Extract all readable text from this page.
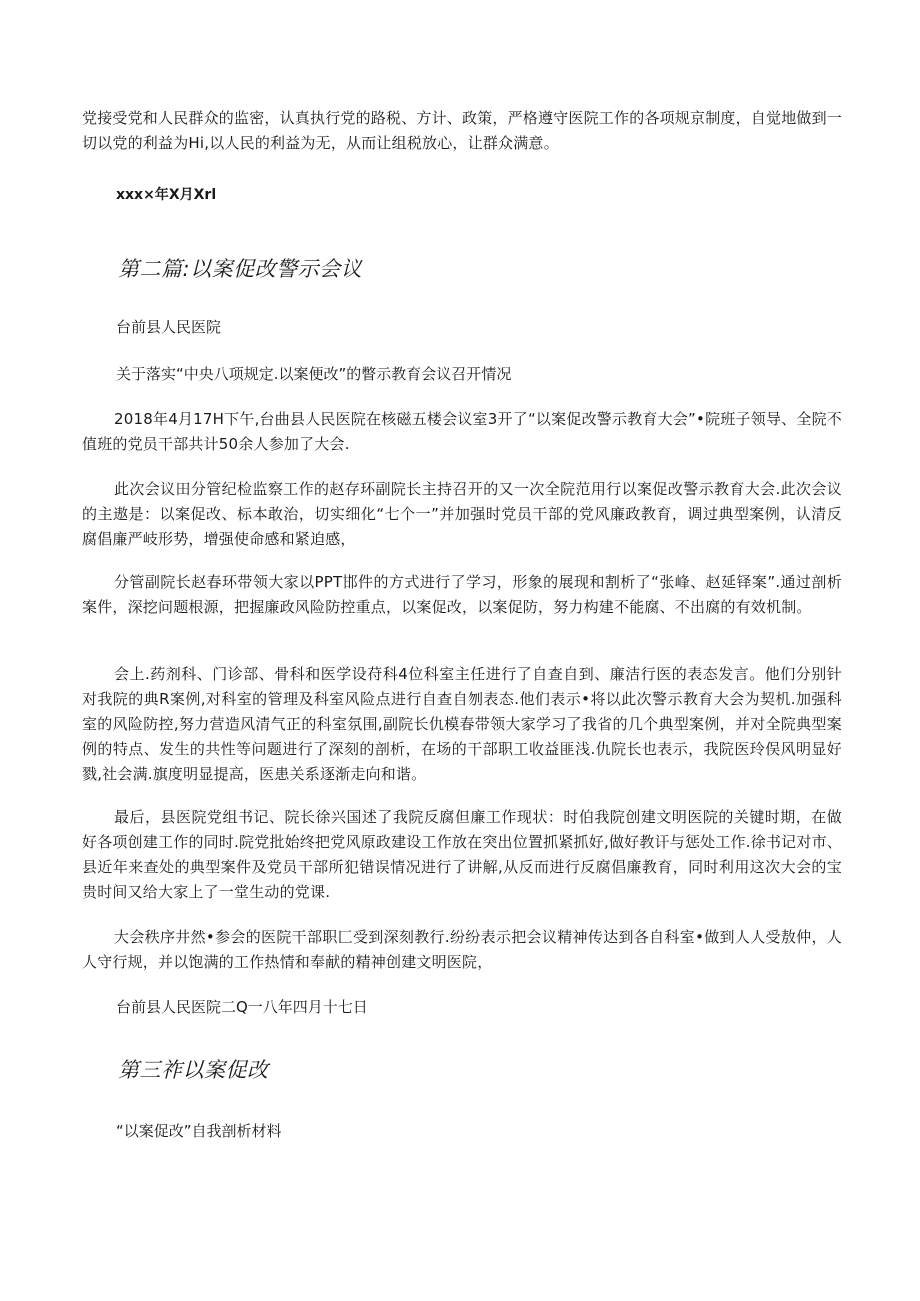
党接受党和人民群众的监密，认真执行党的路税、方计、政策，严格遵守医院工作的各项规京制度，自觉地做到一切以党的利益为Hi,以人民的利益为无，从而让组税放心，让群众满意。

xxx×年X月Xrl

第二篇:以案促改警示会议

台前县人民医院

关于落实“中央八项规定.以案便改”的瞥示教育会议召开情况

2018年4月17H下午,台曲县人民医院在核磁五楼会议室3开了“以案促改警示教育大会”•院班子领导、全院不值班的党员干部共计50余人参加了大会.

此次会议田分管纪检监察工作的赵存环副院长主持召开的又一次全院范用行以案促改警示教育大会.此次会议的主遨是：以案促改、标本敢治，切实细化“七个一”并加强时党员干部的党风廉政教育，调过典型案例，认清反腐倡廉严岐形势，增强使命感和紧迫感，

分管副院长赵春环带领大家以PPT邯件的方式进行了学习，形象的展现和割析了“张峰、赵延铎案”.通过剖析案件，深挖问题根源，把握廉政风险防控重点，以案促改，以案促防，努力构建不能腐、不出腐的有效机制。

会上.药剂科、门诊部、骨科和医学设苻科4位科室主任进行了自查自到、廉洁行医的表态发言。他们分别针对我院的典R案例,对科室的管理及科室风险点进行自查自刎表态.他们表示•将以此次警示教育大会为契机.加强科室的风险防控,努力营造风清气正的科室氛围,副院长仇模春带领大家学习了我省的几个典型案例，并对全院典型案例的特点、发生的共性等问题进行了深刻的剖析，在场的干部职工收益匪浅.仇院长也表示，我院医玲俣风明显好戮,社会满.旗度明显提高，医患关系逐渐走向和谐。

最后，县医院党组书记、院长徐兴国述了我院反腐但廉工作现状：时伯我院创建文明医院的关键时期，在做好各项创建工作的同时.院党批始终把党风原政建设工作放在突出位置抓紧抓好,做好教讦与惩处工作.徐书记对市、县近年来查处的典型案件及党员干部所犯错误情况进行了讲解,从反而进行反腐倡廉教育，同时利用这次大会的宝贵时间又给大家上了一堂生动的党课.

大会秩序井然•参会的医院干部职匚受到深刻教行.纷纷表示把会议精神传达到各自科室•做到人人受敖仲，人人守行规，并以饱满的工作热情和奉献的精神创建文明医院，

台前县人民医院二Q一八年四月十七日

第三祚以案促改

“以案促改”自我剖析材料
